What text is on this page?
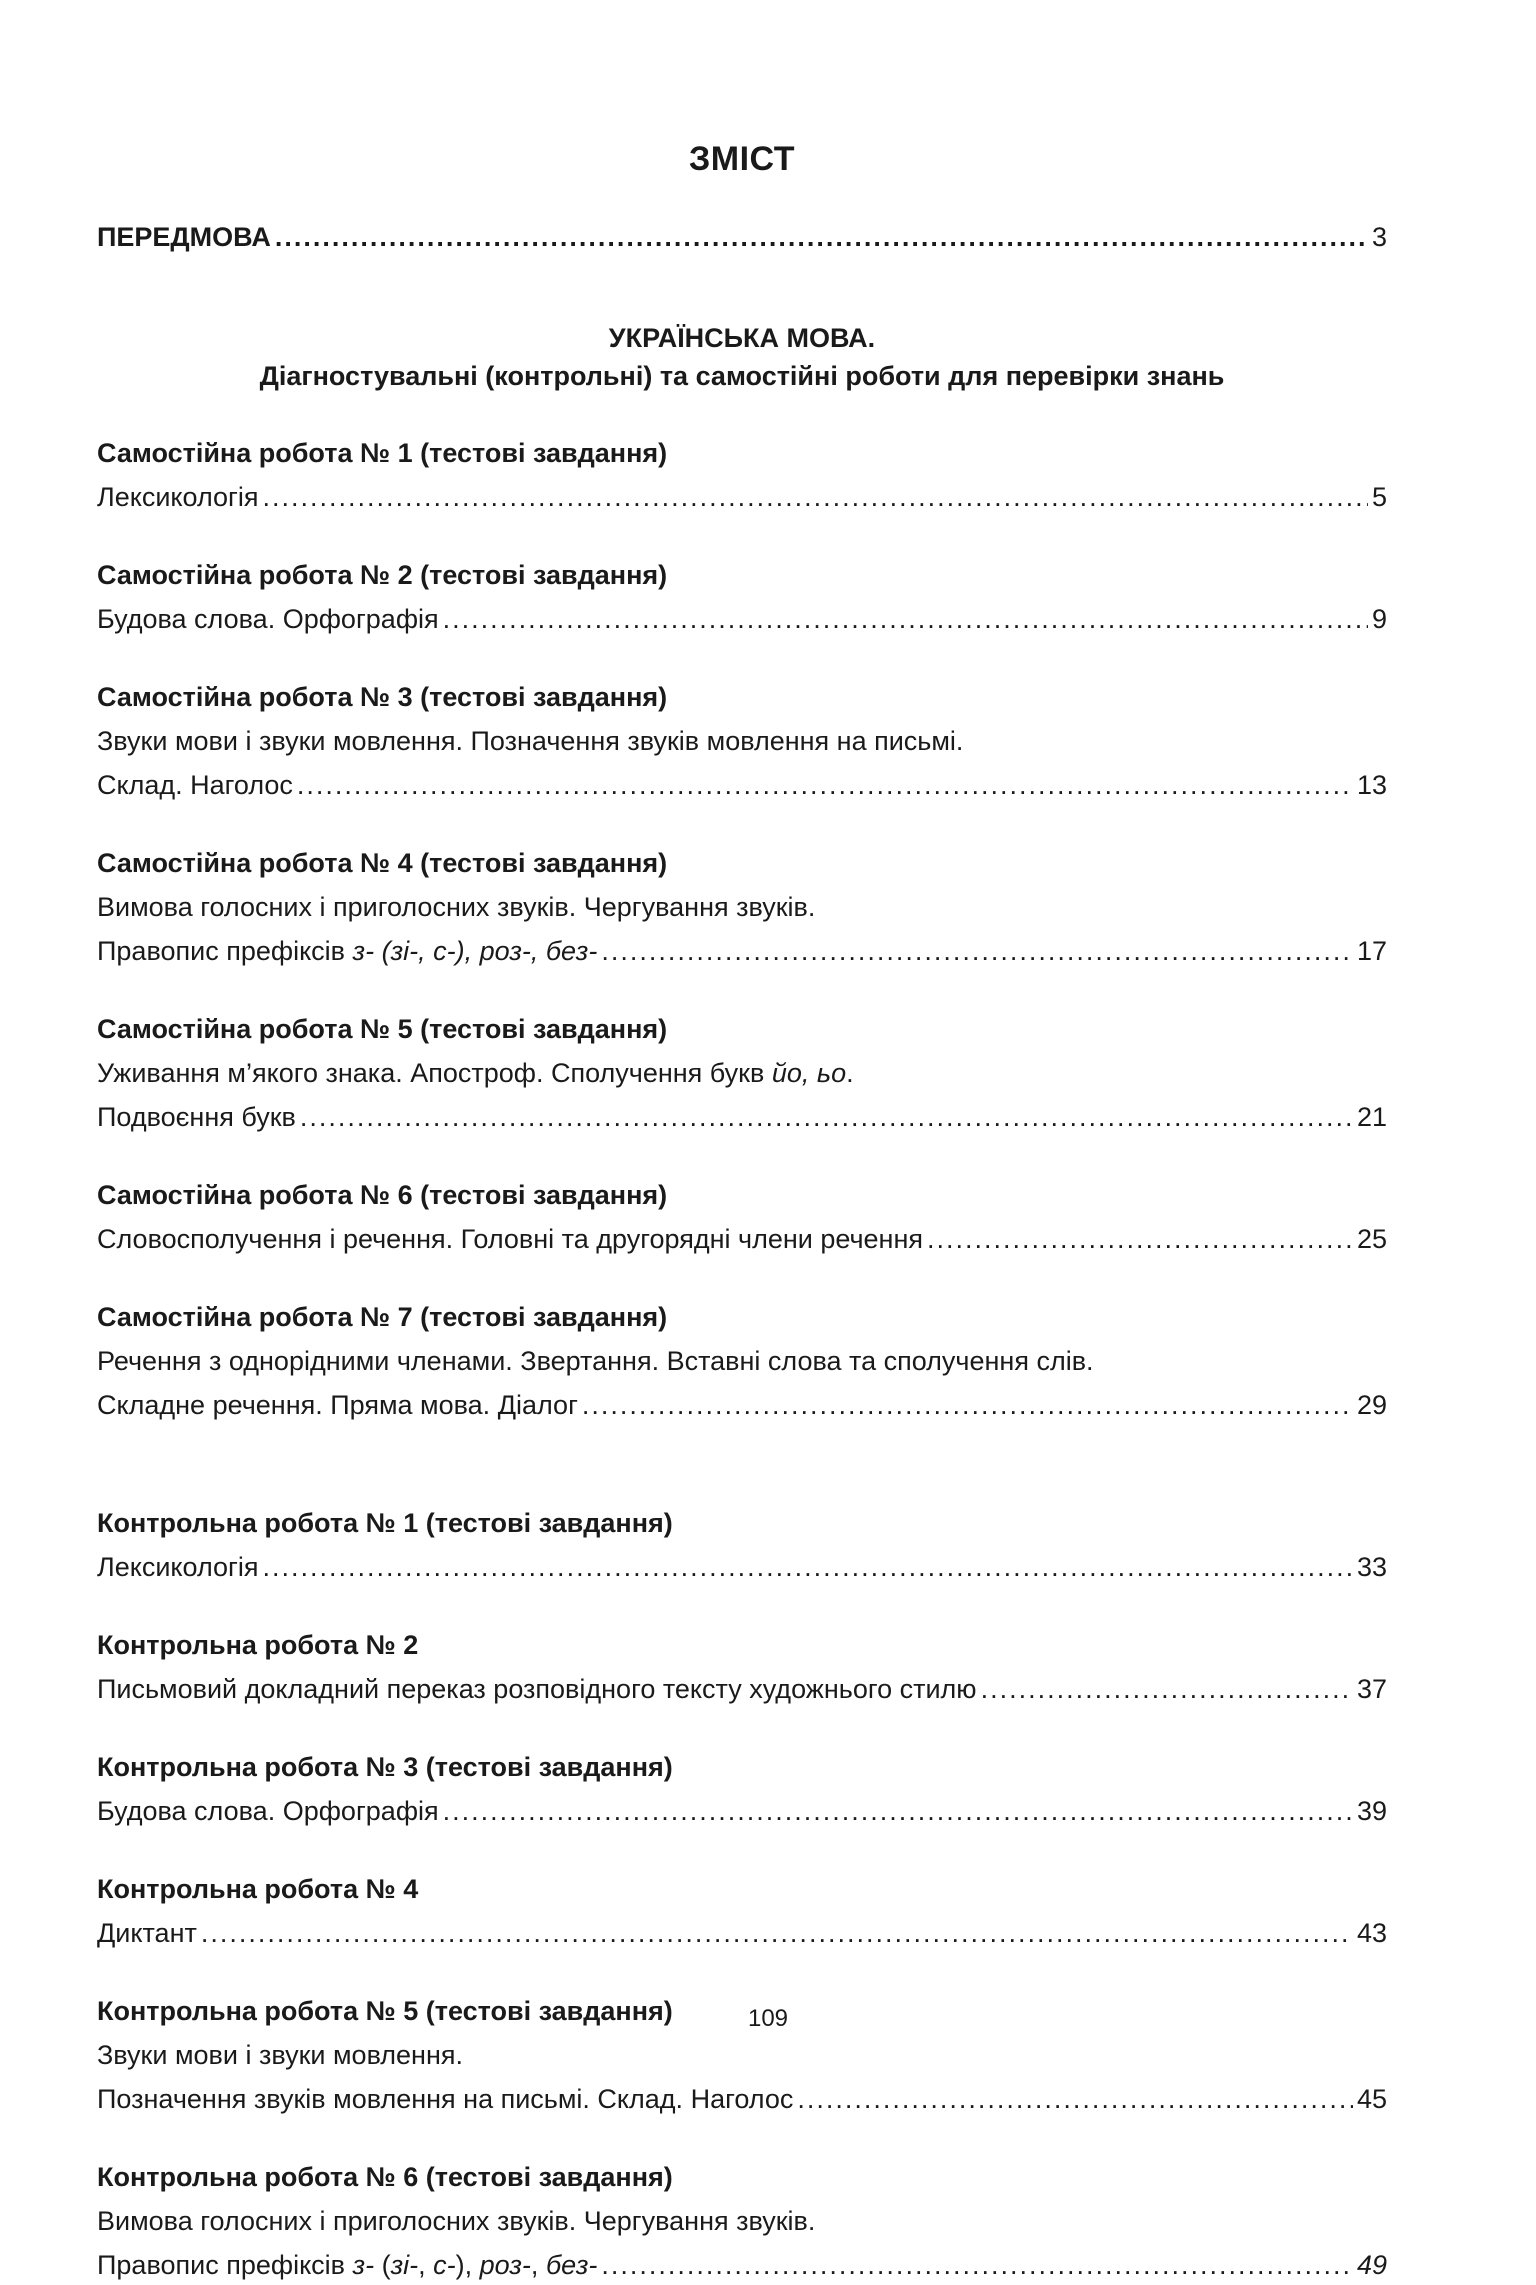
ЗМІСТ
ПЕРЕДМОВА .....	3
УКРАЇНСЬКА МОВА.
Діагностувальні (контрольні) та самостійні роботи для перевірки знань
Самостійна робота № 1 (тестові завдання)
Лексикологія .....	5
Самостійна робота № 2 (тестові завдання)
Будова слова. Орфографія .....	9
Самостійна робота № 3 (тестові завдання)
Звуки мови і звуки мовлення. Позначення звуків мовлення на письмі.
Склад. Наголос .....	13
Самостійна робота № 4 (тестові завдання)
Вимова голосних і приголосних звуків. Чергування звуків.
Правопис префіксів з- (зі-, с-), роз-, без- .....	17
Самостійна робота № 5 (тестові завдання)
Уживання м’якого знака. Апостроф. Сполучення букв йо, ьо.
Подвоєння букв .....	21
Самостійна робота № 6 (тестові завдання)
Словосполучення і речення. Головні та другорядні члени речення .....	25
Самостійна робота № 7 (тестові завдання)
Речення з однорідними членами. Звертання. Вставні слова та сполучення слів.
Складне речення. Пряма мова. Діалог .....	29
Контрольна робота № 1 (тестові завдання)
Лексикологія .....	33
Контрольна робота № 2
Письмовий докладний переказ розповідного тексту художнього стилю .....	37
Контрольна робота № 3 (тестові завдання)
Будова слова. Орфографія .....	39
Контрольна робота № 4
Диктант .....	43
Контрольна робота № 5 (тестові завдання)
Звуки мови і звуки мовлення.
Позначення звуків мовлення на письмі. Склад. Наголос .....	45
Контрольна робота № 6 (тестові завдання)
Вимова голосних і приголосних звуків. Чергування звуків.
Правопис префіксів з- (зі-, с-), роз-, без- .....	49
109
